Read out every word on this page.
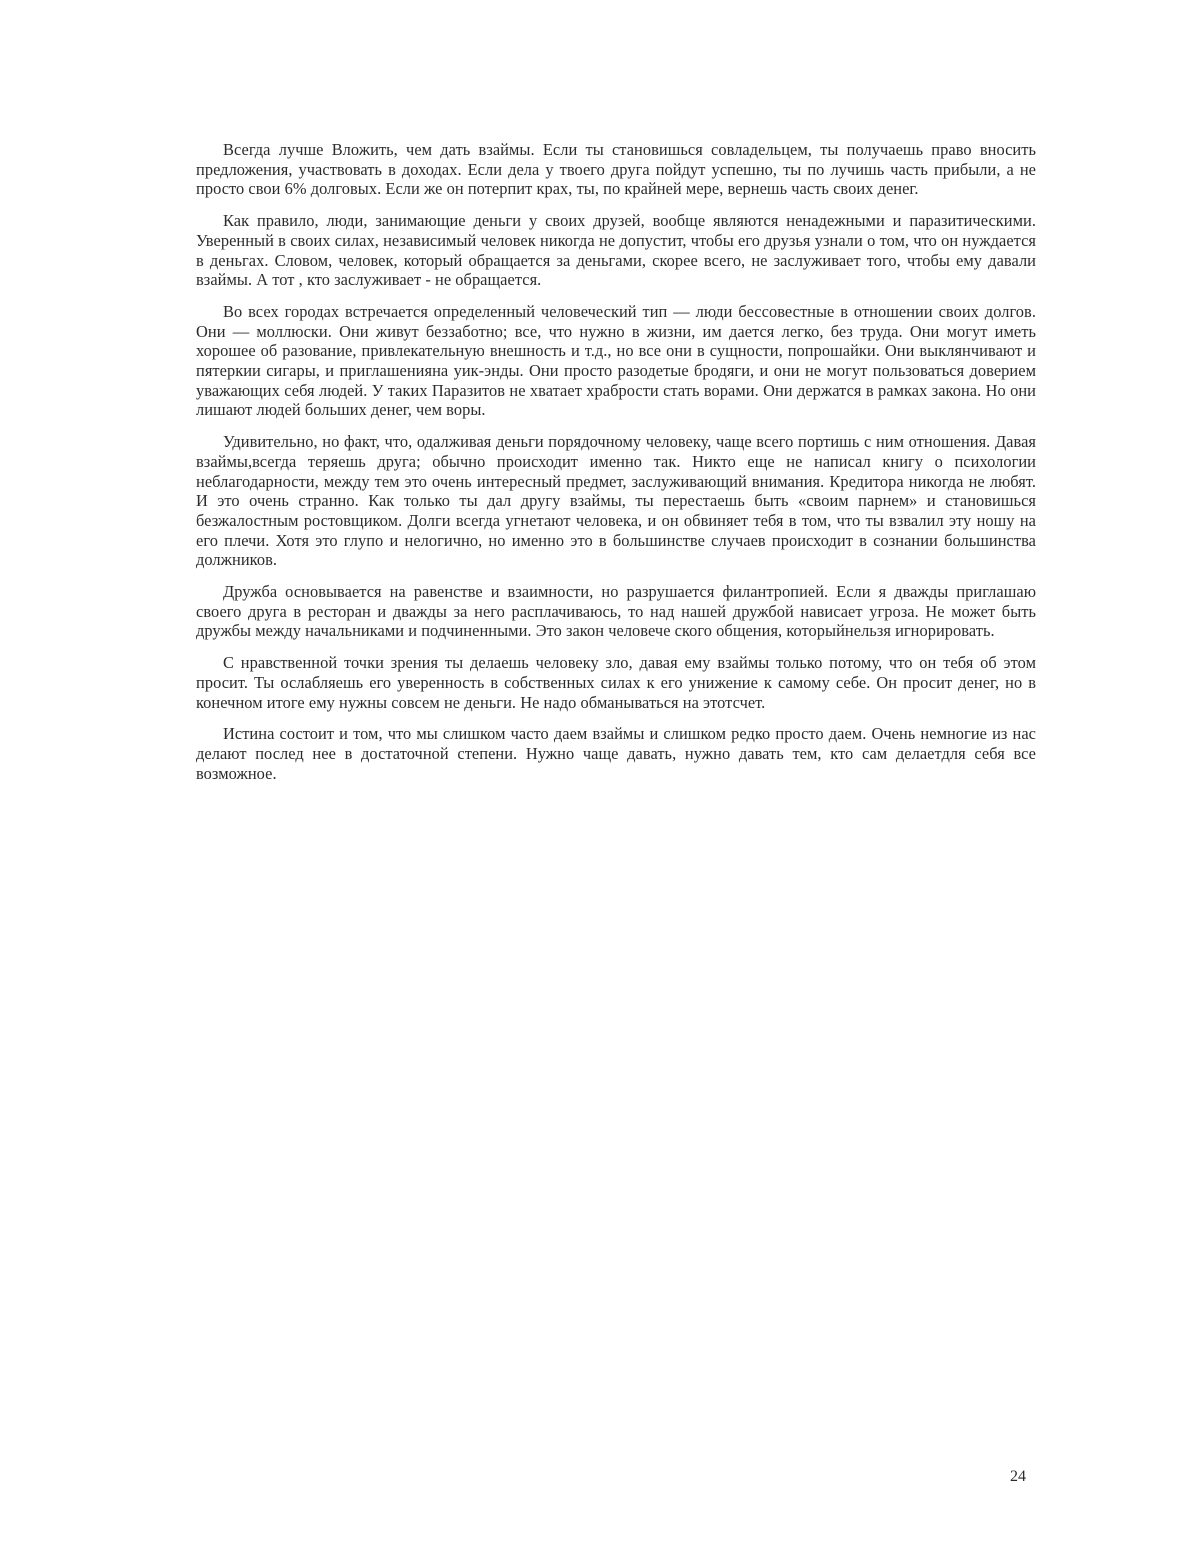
Всегда лучше Вложить, чем дать взаймы. Если ты становишься совладельцем, ты получаешь право вносить предложения, участвовать в доходах. Если дела у твоего друга пойдут успешно, ты по лучишь часть прибыли, а не просто свои 6% долговых. Если же он потерпит крах, ты, по крайней мере, вернешь часть своих денег.

Как правило, люди, занимающие деньги у своих друзей, вообще являются ненадежными и паразитическими. Уверенный в своих силах, независимый человек никогда не допустит, чтобы его друзья узнали о том, что он нуждается в деньгах. Словом, человек, который обращается за деньгами, скорее всего, не заслуживает того, чтобы ему давали взаймы. А тот , кто заслуживает - не обращается.

Во всех городах встречается определенный человеческий тип — люди бессовестные в отношении своих долгов. Они — моллюски. Они живут беззаботно; все, что нужно в жизни, им дается легко, без труда. Они могут иметь хорошее об разование, привлекательную внешность и т.д., но все они в сущности, попрошайки. Они выклянчивают и пятеркии сигары, и приглашенияна уик-энды. Они просто разодетые бродяги, и они не могут пользоваться доверием уважающих себя людей. У таких Паразитов не хватает храбрости стать ворами. Они держатся в рамках закона. Но они лишают людей больших денег, чем воры.

Удивительно, но факт, что, одалживая деньги порядочному человеку, чаще всего портишь с ним отношения. Давая взаймы,всегда теряешь друга; обычно происходит именно так. Никто еще не написал книгу о психологии неблагодарности, между тем это очень интересный предмет, заслуживающий внимания. Кредитора никогда не любят. И это очень странно. Как только ты дал другу взаймы, ты перестаешь быть «своим парнем» и становишься безжалостным ростовщиком. Долги всегда угнетают человека, и он обвиняет тебя в том, что ты взвалил эту ношу на его плечи. Хотя это глупо и нелогично, но именно это в большинстве случаев происходит в сознании большинства должников.

Дружба основывается на равенстве и взаимности, но разрушается филантропией. Если я дважды приглашаю своего друга в ресторан и дважды за него расплачиваюсь, то над нашей дружбой нависает угроза. Не может быть дружбы между начальниками и подчиненными. Это закон человече ского общения, которыйнельзя игнорировать.

С нравственной точки зрения ты делаешь человеку зло, давая ему взаймы только потому, что он тебя об этом просит. Ты ослабляешь его уверенность в собственных силах к его унижение к самому себе. Он просит денег, но в конечном итоге ему нужны совсем не деньги. Не надо обманываться на этотсчет.

Истина состоит и том, что мы слишком часто даем взаймы и слишком редко просто даем. Очень немногие из нас делают послед нее в достаточной степени. Нужно чаще давать, нужно давать тем, кто сам делаетдля себя все возможное.

24
